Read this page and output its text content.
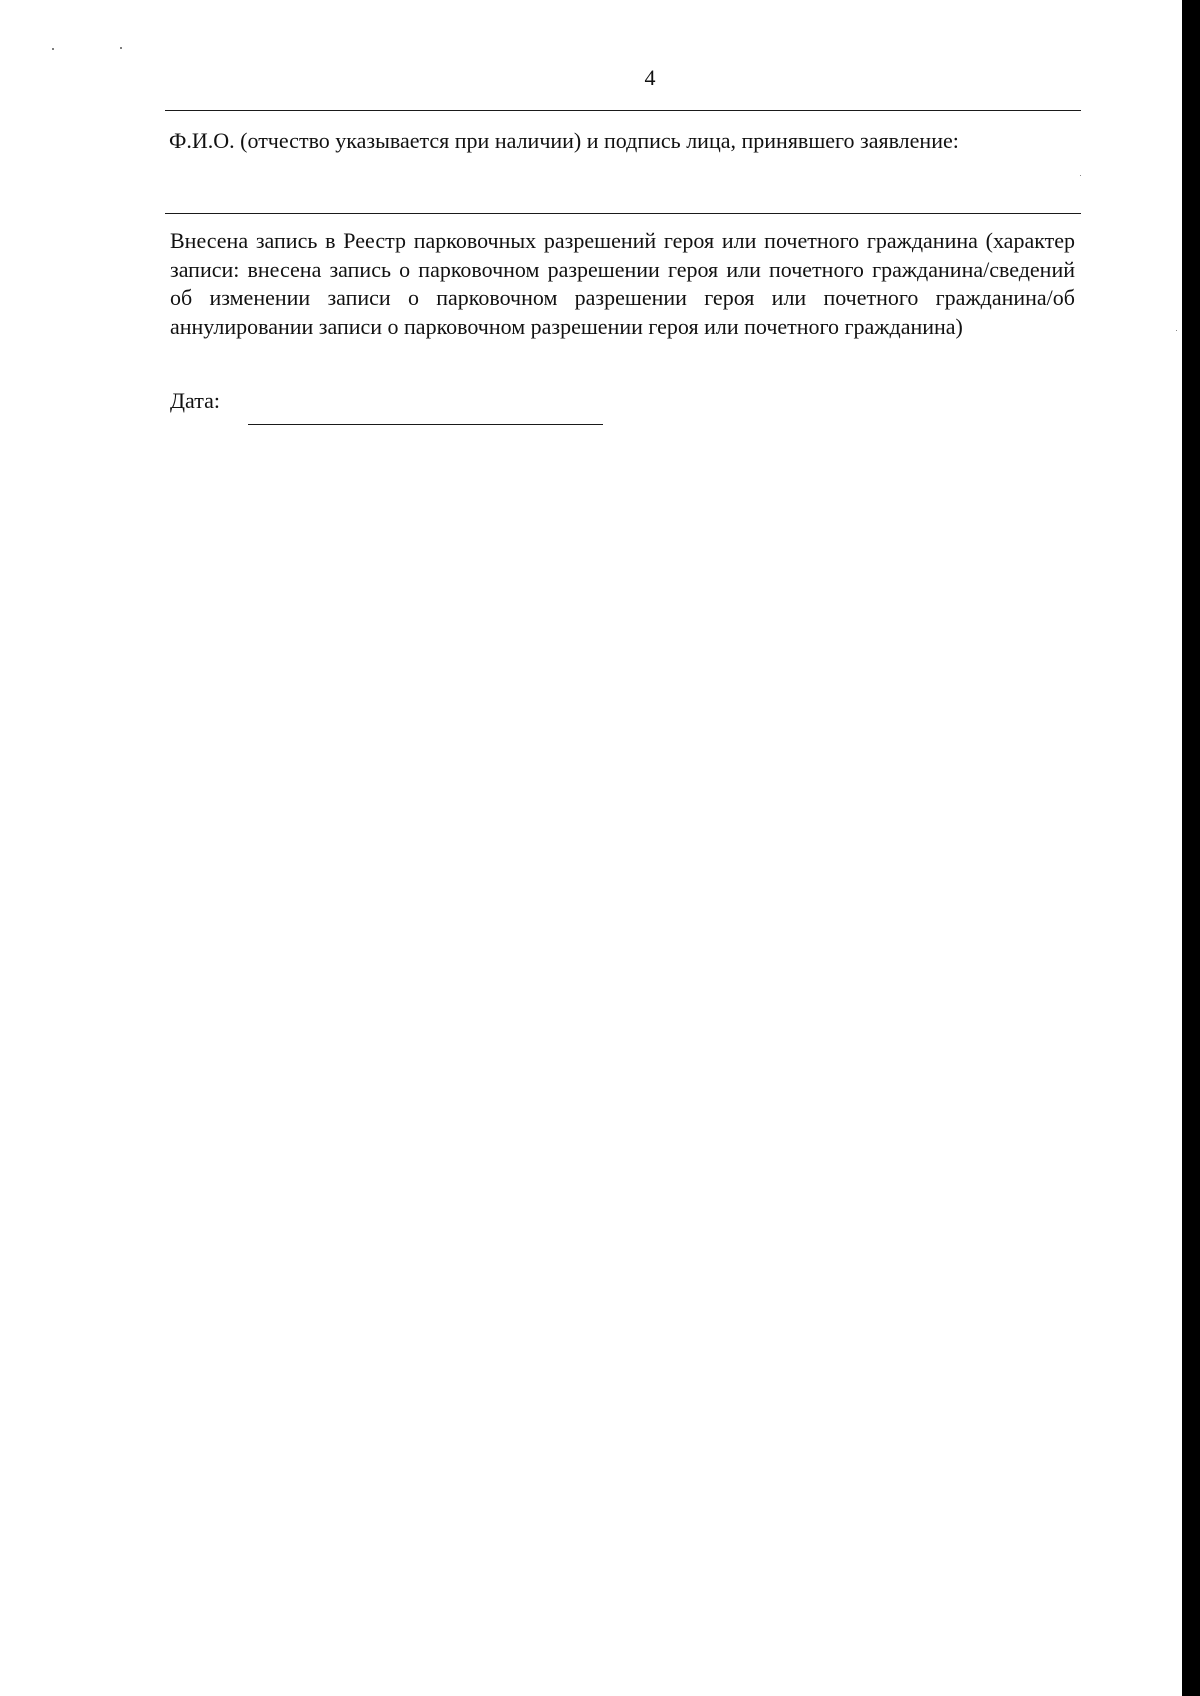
4
Ф.И.О. (отчество указывается при наличии) и подпись лица, принявшего заявление:
Внесена запись в Реестр парковочных разрешений героя или почетного гражданина (характер записи: внесена запись о парковочном разрешении героя или почетного гражданина/сведений об изменении записи о парковочном разрешении героя или почетного гражданина/об аннулировании записи о парковочном разрешении героя или почетного гражданина)
Дата:
